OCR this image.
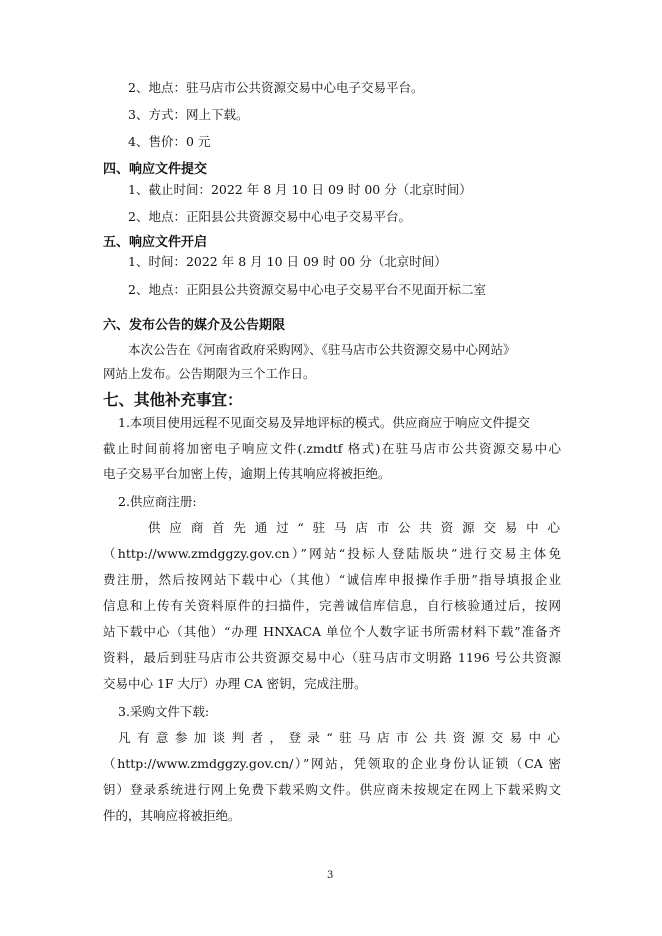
2、地点：驻马店市公共资源交易中心电子交易平台。
3、方式：网上下载。
4、售价：0 元
四、响应文件提交
1、截止时间：2022 年 8 月 10 日 09 时 00 分（北京时间）
2、地点：正阳县公共资源交易中心电子交易平台。
五、响应文件开启
1、时间：2022 年 8 月 10 日 09 时 00 分（北京时间）
2、地点：正阳县公共资源交易中心电子交易平台不见面开标二室
六、发布公告的媒介及公告期限
本次公告在《河南省政府采购网》、《驻马店市公共资源交易中心网站》
网站上发布。公告期限为三个工作日。
七、其他补充事宜：
1.本项目使用远程不见面交易及异地评标的模式。供应商应于响应文件提交
截止时间前将加密电子响应文件(.zmdtf 格式)在驻马店市公共资源交易中心
电子交易平台加密上传，逾期上传其响应将被拒绝。
2.供应商注册:
供应商首先通过“驻马店市公共资源交易中心
（http://www.zmdggzy.gov.cn）”网站“投标人登陆版块”进行交易主体免
费注册，然后按网站下载中心（其他）“诚信库申报操作手册”指导填报企业
信息和上传有关资料原件的扫描件，完善诚信库信息，自行核验通过后，按网
站下载中心（其他）“办理 HNXACA 单位个人数字证书所需材料下载”准备齐
资料，最后到驻马店市公共资源交易中心（驻马店市文明路 1196 号公共资源
交易中心 1F 大厅）办理 CA 密钥，完成注册。
3.采购文件下载:
凡有意参加谈判者，登录“驻马店市公共资源交易中心
（http://www.zmdggzy.gov.cn/）”网站，凭领取的企业身份认证锁（CA 密
钥）登录系统进行网上免费下载采购文件。供应商未按规定在网上下载采购文
件的，其响应将被拒绝。
3
